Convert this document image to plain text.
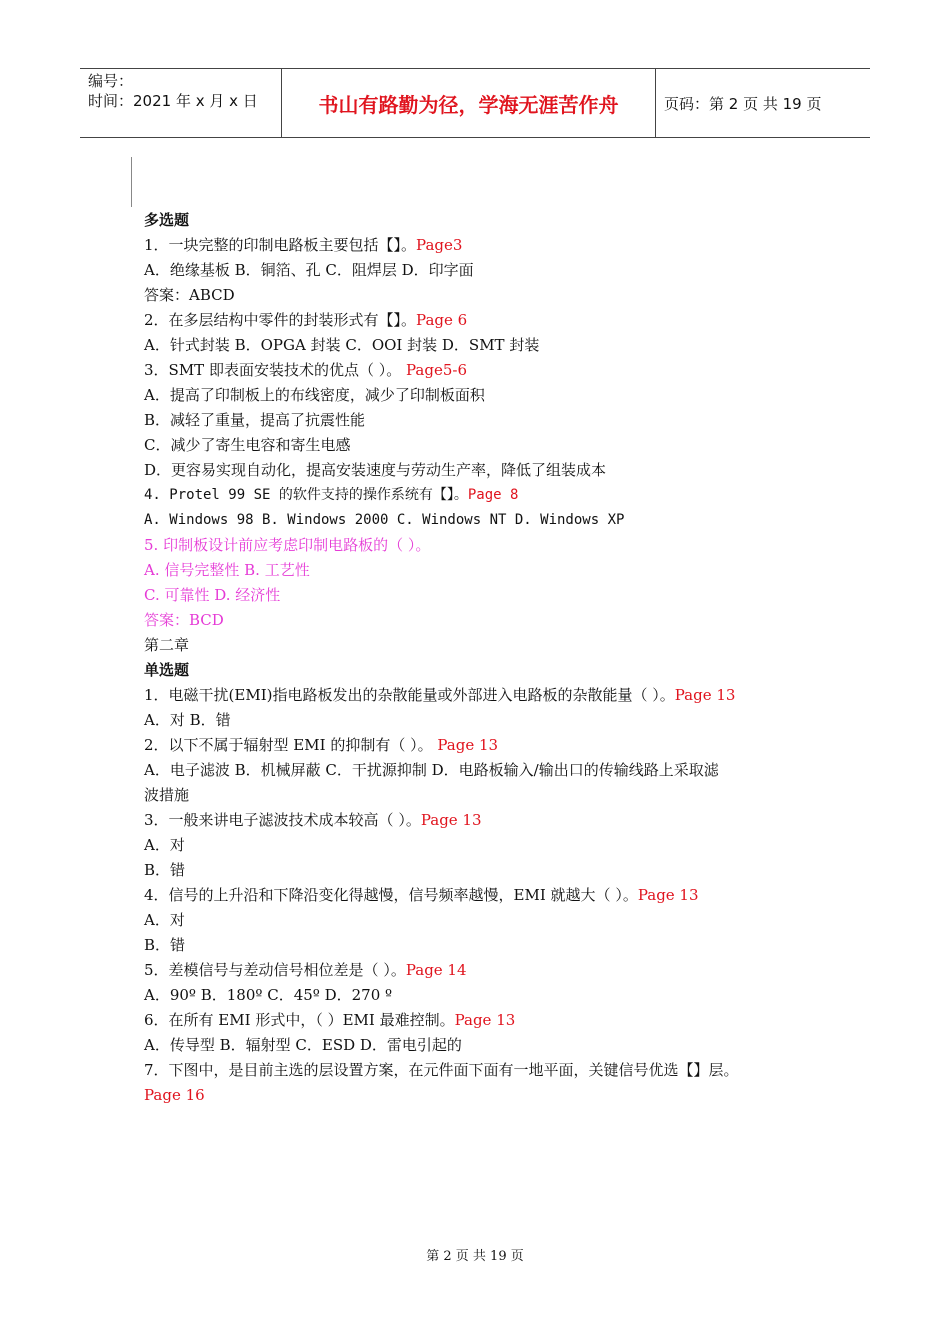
编号：
时间：2021 年 x 月 x 日	书山有路勤为径，学海无涯苦作舟	页码：第 2 页 共 19 页
多选题
1．一块完整的印制电路板主要包括【】。Page3
A．绝缘基板 B．铜箔、孔 C．阻焊层 D．印字面
答案：ABCD
2．在多层结构中零件的封装形式有【】。Page 6
A．针式封装 B．OPGA 封装 C．OOI 封装 D．SMT 封装
3．SMT 即表面安装技术的优点（ ）。 Page5-6
A．提高了印制板上的布线密度，减少了印制板面积
B．减轻了重量，提高了抗震性能
C．减少了寄生电容和寄生电感
D．更容易实现自动化，提高安装速度与劳动生产率，降低了组装成本
4. Protel 99 SE 的软件支持的操作系统有【】。Page 8
A. Windows 98 B. Windows 2000 C. Windows NT D. Windows XP
5. 印制板设计前应考虑印制电路板的（ ）。
A. 信号完整性 B. 工艺性
C. 可靠性 D. 经济性
答案：BCD
第二章
单选题
1．电磁干扰(EMI)指电路板发出的杂散能量或外部进入电路板的杂散能量（ ）。Page 13
A．对 B．错
2．以下不属于辐射型 EMI 的抑制有（ ）。 Page 13
A．电子滤波 B．机械屏蔽 C．干扰源抑制 D．电路板输入/输出口的传输线路上采取滤
波措施
3．一般来讲电子滤波技术成本较高（ ）。Page 13
A．对
B．错
4．信号的上升沿和下降沿变化得越慢，信号频率越慢，EMI 就越大（ ）。Page 13
A．对
B．错
5．差模信号与差动信号相位差是（ ）。Page 14
A．90º B．180º C．45º D．270 º
6．在所有 EMI 形式中，（ ）EMI 最难控制。Page 13
A．传导型 B．辐射型 C．ESD D．雷电引起的
7．下图中，是目前主选的层设置方案，在元件面下面有一地平面，关键信号优选【】层。
Page 16
第 2 页 共 19 页
